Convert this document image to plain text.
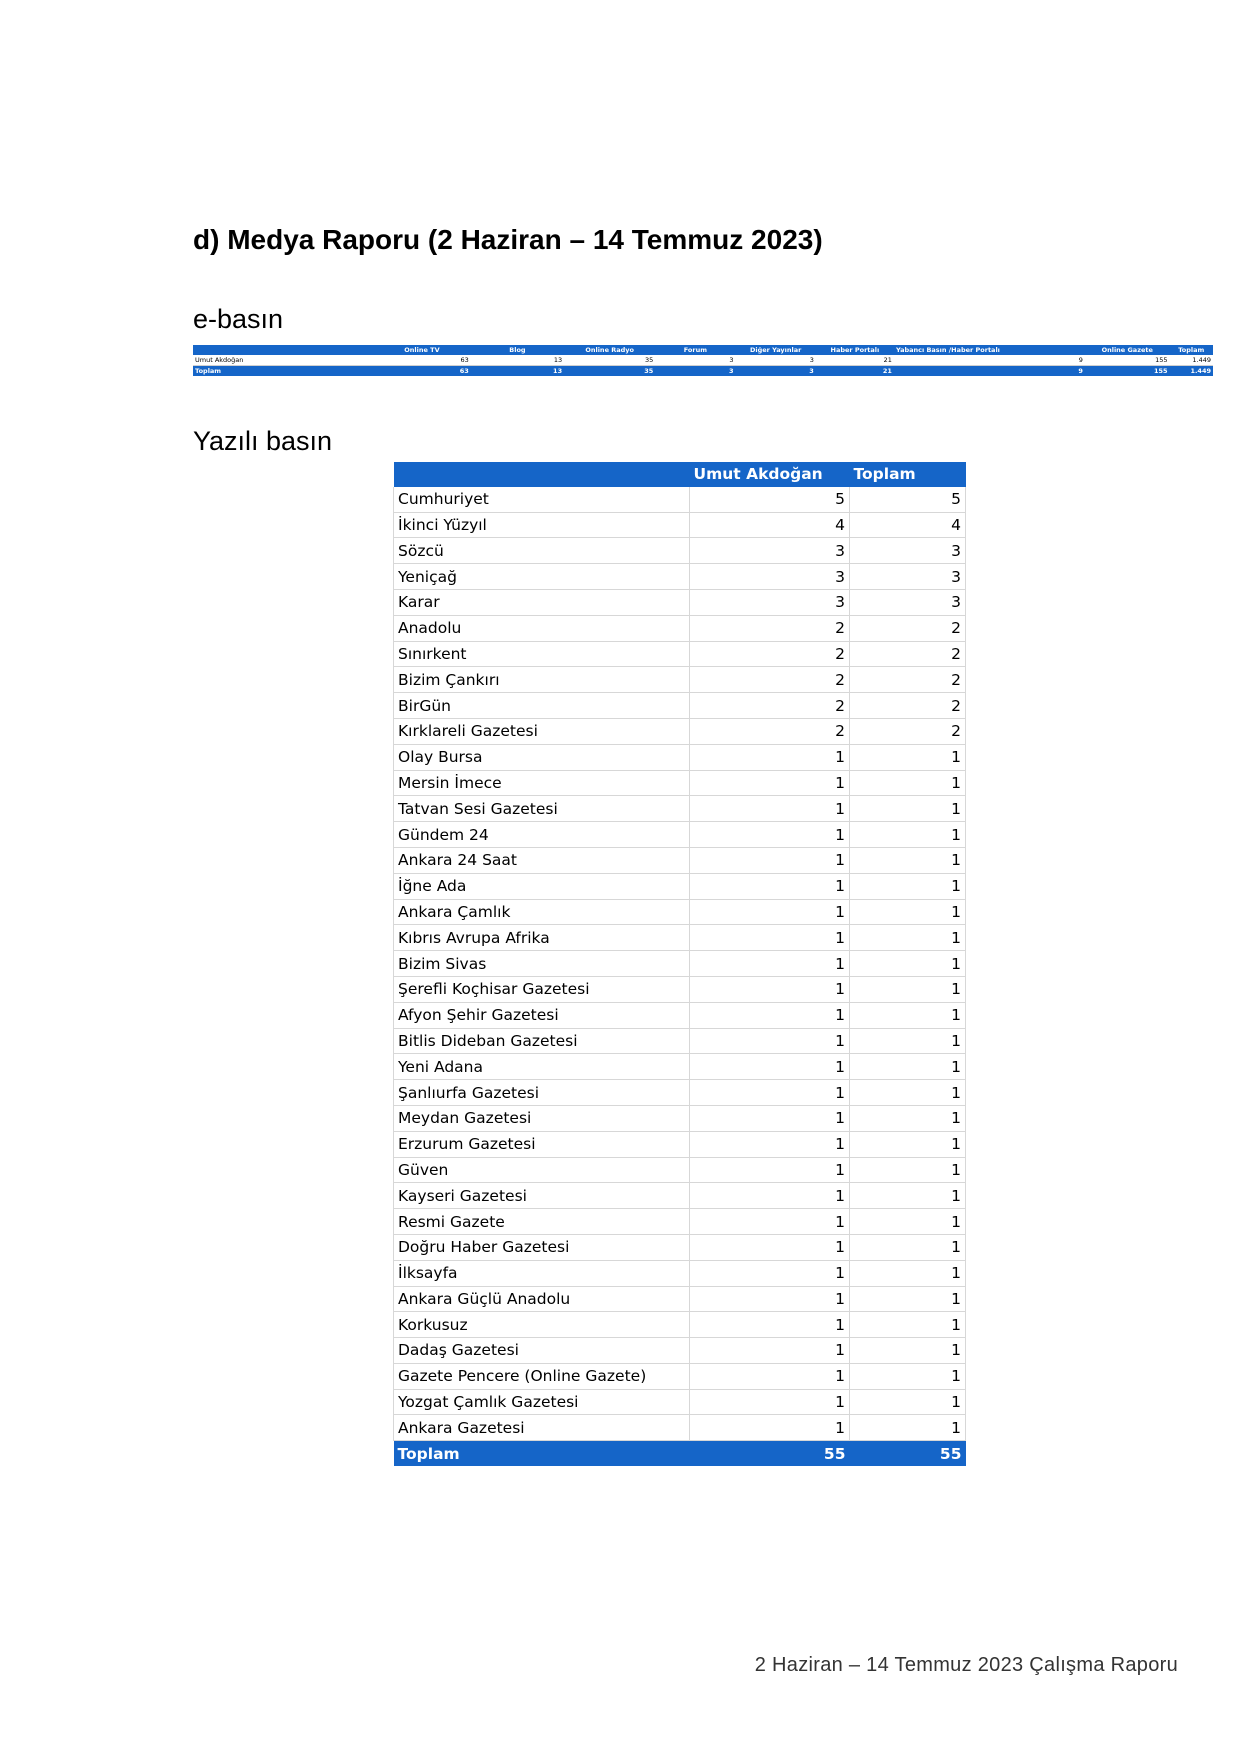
d) Medya Raporu (2 Haziran – 14 Temmuz 2023)
e-basın
	Online TV	Blog	Online Radyo	Forum	Diğer Yayınlar	Haber Portalı		Yabancı Basın /Haber Portalı	Online Gazete	Toplam
Umut Akdoğan	63	13	35	3	3	21		9	155	1.449
Toplam	63	13	35	3	3	21		9	155	1.449
Yazılı basın
	Umut Akdoğan	Toplam
Cumhuriyet	5	5
İkinci Yüzyıl	4	4
Sözcü	3	3
Yeniçağ	3	3
Karar	3	3
Anadolu	2	2
Sınırkent	2	2
Bizim Çankırı	2	2
BirGün	2	2
Kırklareli Gazetesi	2	2
Olay Bursa	1	1
Mersin İmece	1	1
Tatvan Sesi Gazetesi	1	1
Gündem 24	1	1
Ankara 24 Saat	1	1
İğne Ada	1	1
Ankara Çamlık	1	1
Kıbrıs Avrupa Afrika	1	1
Bizim Sivas	1	1
Şerefli Koçhisar Gazetesi	1	1
Afyon Şehir Gazetesi	1	1
Bitlis Dideban Gazetesi	1	1
Yeni Adana	1	1
Şanlıurfa Gazetesi	1	1
Meydan Gazetesi	1	1
Erzurum Gazetesi	1	1
Güven	1	1
Kayseri Gazetesi	1	1
Resmi Gazete	1	1
Doğru Haber Gazetesi	1	1
İlksayfa	1	1
Ankara Güçlü Anadolu	1	1
Korkusuz	1	1
Dadaş Gazetesi	1	1
Gazete Pencere (Online Gazete)	1	1
Yozgat Çamlık Gazetesi	1	1
Ankara Gazetesi	1	1
Toplam	55	55

2 Haziran – 14 Temmuz 2023 Çalışma Raporu
